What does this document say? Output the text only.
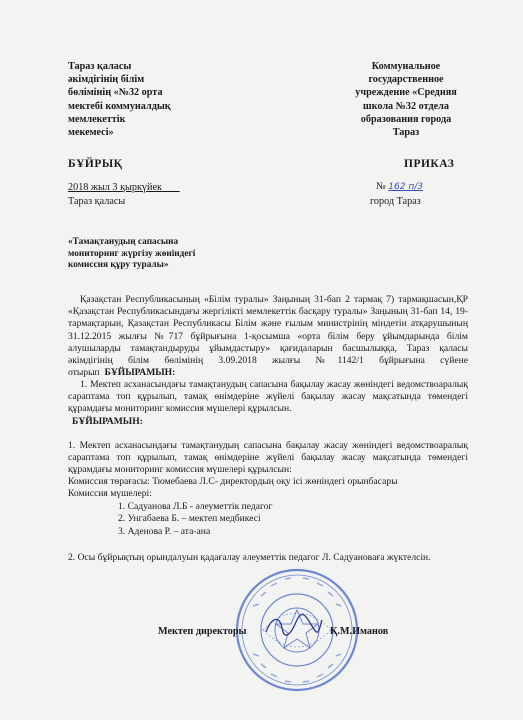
Тараз қаласы
әкімдігінің білім
бөлімінің «№32 орта
мектебі коммуналдық
мемлекеттік
мекемесі»
Коммунальное
государственное
учреждение «Средняя
школа №32 отдела
образования города
Тараз
БҰЙРЫҚ	ПРИКАЗ
2018 жыл 3 қыркүйек	№ 162 п/3
Тараз қаласы	город Тараз
«Тамақтанудың сапасына
мониторинг жүргізу жөніндегі
комиссия құру туралы»
Қазақстан Республикасының «Білім туралы» Заңының 31-бап 2 тармақ 7) тармақшасын,ҚР «Қазақстан Республикасындағы жергілікті мемлекеттік басқару туралы» Заңының 31-бап 14, 19-тармақтарын, Қазақстан Республикасы Білім және ғылым министрінің міндетін атқарушының 31.12.2015 жылғы №717 бұйрығына 1-қосымша «орта білім беру ұйымдарында білім алушыларды тамақтандыруды ұйымдастыру» қағидаларын басшылыққа, Тараз қаласы әкімдігінің білім бөлімінің 3.09.2018 жылғы №1142/1 бұйрығына сүйене отырып БҰЙЫРАМЫН:
1. Мектеп асханасындағы тамақтанудың сапасына бақылау жасау жөніндегі ведомствоаралық сараптама топ құрылып, тамақ өнімдеріне жүйелі бақылау жасау мақсатында төмендегі құрамдағы мониторинг комиссия мүшелері құрылсын.
БҰЙЫРАМЫН:
1. Мектеп асханасындағы тамақтанудың сапасына бақылау жасау жөніндегі ведомствоаралық сараптама топ құрылып, тамақ өнімдеріне жүйелі бақылау жасау мақсатында төмендегі құрамдағы мониторинг комиссия мүшелері құрылсын:
Комиссия төрағасы: Тюмебаева Л.С- директордың оқу ісі жөніндегі орынбасары
Комиссия мүшелері:
1. Садуанова Л.Б - әлеуметтік педагог
2. Унгабаева Б. – мектеп медбикесі
3. Аденова Р. – ата-ана
2. Осы бұйрықтың орындалуын қадағалау әлеуметтік педагог Л. Садуановаға жүктелсін.
Мектеп директоры	Қ.М.Иманов
